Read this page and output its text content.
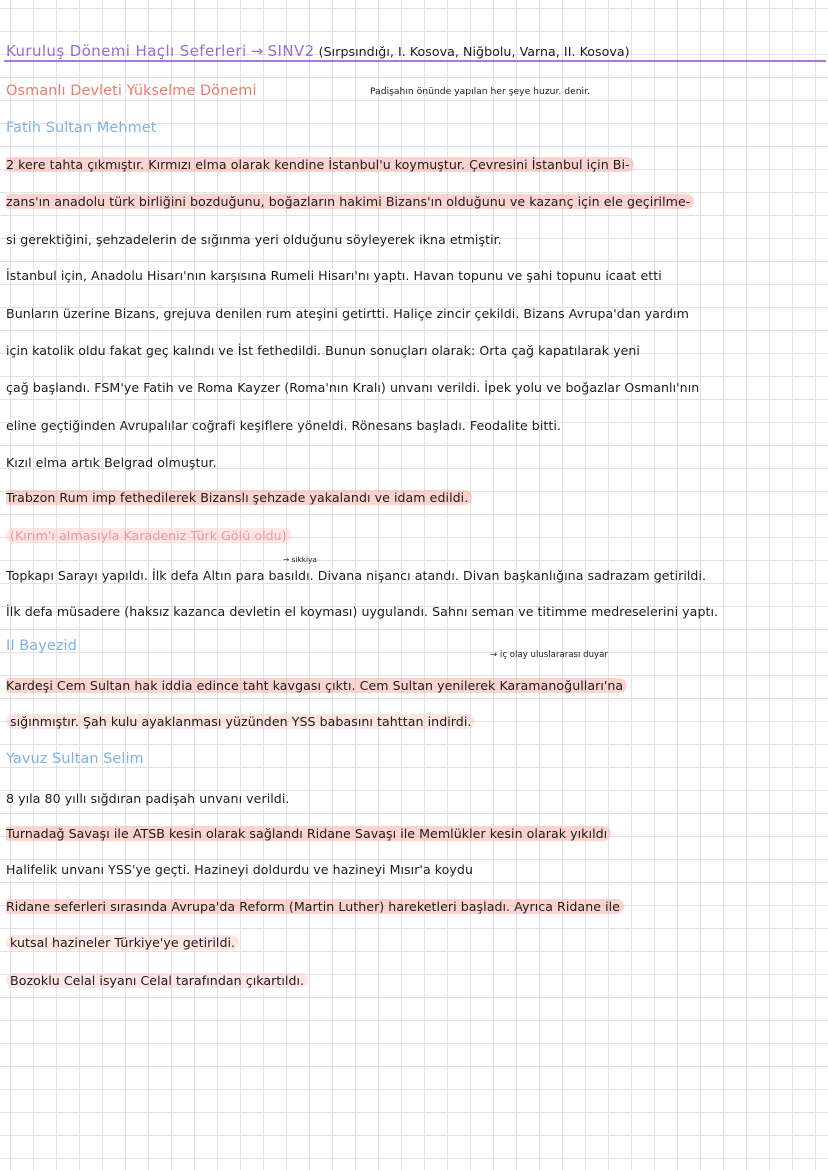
Kuruluş Dönemi Haçlı Seferleri → SINV2 (Sırpsındığı, I. Kosova, Niğbolu, Varna, II. Kosova)
Osmanlı Devleti Yükselme Dönemi	Padişahın önünde yapılan her şeye huzur. denir.
Fatih Sultan Mehmet
2 kere tahta çıkmıştır. Kırmızı elma olarak kendine İstanbul'u koymuştur. Çevresini İstanbul için Bi-
zans'ın anadolu türk birliğini bozduğunu, boğazların hakimi Bizans'ın olduğunu ve kazanç için ele geçirilme-
si gerektiğini, şehzadelerin de sığınma yeri olduğunu söyleyerek ikna etmiştir.
İstanbul için, Anadolu Hisarı'nın karşısına Rumeli Hisarı'nı yaptı. Havan topunu ve şahi topunu icaat etti
Bunların üzerine Bizans, grejuva denilen rum ateşini getirtti. Haliçe zincir çekildi. Bizans Avrupa'dan yardım
için katolik oldu fakat geç kalındı ve İst fethedildi. Bunun sonuçları olarak: Orta çağ kapatılarak yeni
çağ başlandı. FSM'ye Fatih ve Roma Kayzer (Roma'nın Kralı) unvanı verildi. İpek yolu ve boğazlar Osmanlı'nın
eline geçtiğinden Avrupalılar coğrafi keşiflere yöneldi. Rönesans başladı. Feodalite bitti.
Kızıl elma artık Belgrad olmuştur.
Trabzon Rum imp fethedilerek Bizanslı şehzade yakalandı ve idam edildi.
(Kırım'ı almasıyla Karadeniz Türk Gölü oldu)
→ sikkiya
Topkapı Sarayı yapıldı. İlk defa Altın para basıldı. Divana nişancı atandı. Divan başkanlığına sadrazam getirildi.
İlk defa müsadere (haksız kazanca devletin el koyması) uygulandı. Sahnı seman ve titimme medreselerini yaptı.
II Bayezid
→ iç olay uluslararası duyar
Kardeşi Cem Sultan hak iddia edince taht kavgası çıktı. Cem Sultan yenilerek Karamanoğulları'na
sığınmıştır. Şah kulu ayaklanması yüzünden YSS babasını tahttan indirdi.
Yavuz Sultan Selim
8 yıla 80 yıllı sığdıran padişah unvanı verildi.
Turnadağ Savaşı ile ATSB kesin olarak sağlandı Ridane Savaşı ile Memlükler kesin olarak yıkıldı
Halifelik unvanı YSS'ye geçti. Hazineyi doldurdu ve hazineyi Mısır'a koydu
Ridane seferleri sırasında Avrupa'da Reform (Martin Luther) hareketleri başladı. Ayrıca Ridane ile
kutsal hazineler Türkiye'ye getirildi.
Bozoklu Celal isyanı Celal tarafından çıkartıldı.
